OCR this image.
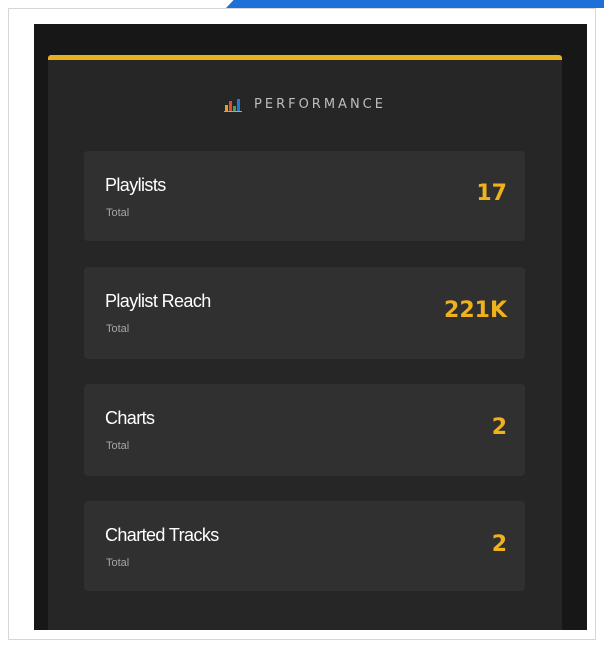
PERFORMANCE
Playlists
Total
17
Playlist Reach
Total
221K
Charts
Total
2
Charted Tracks
Total
2
